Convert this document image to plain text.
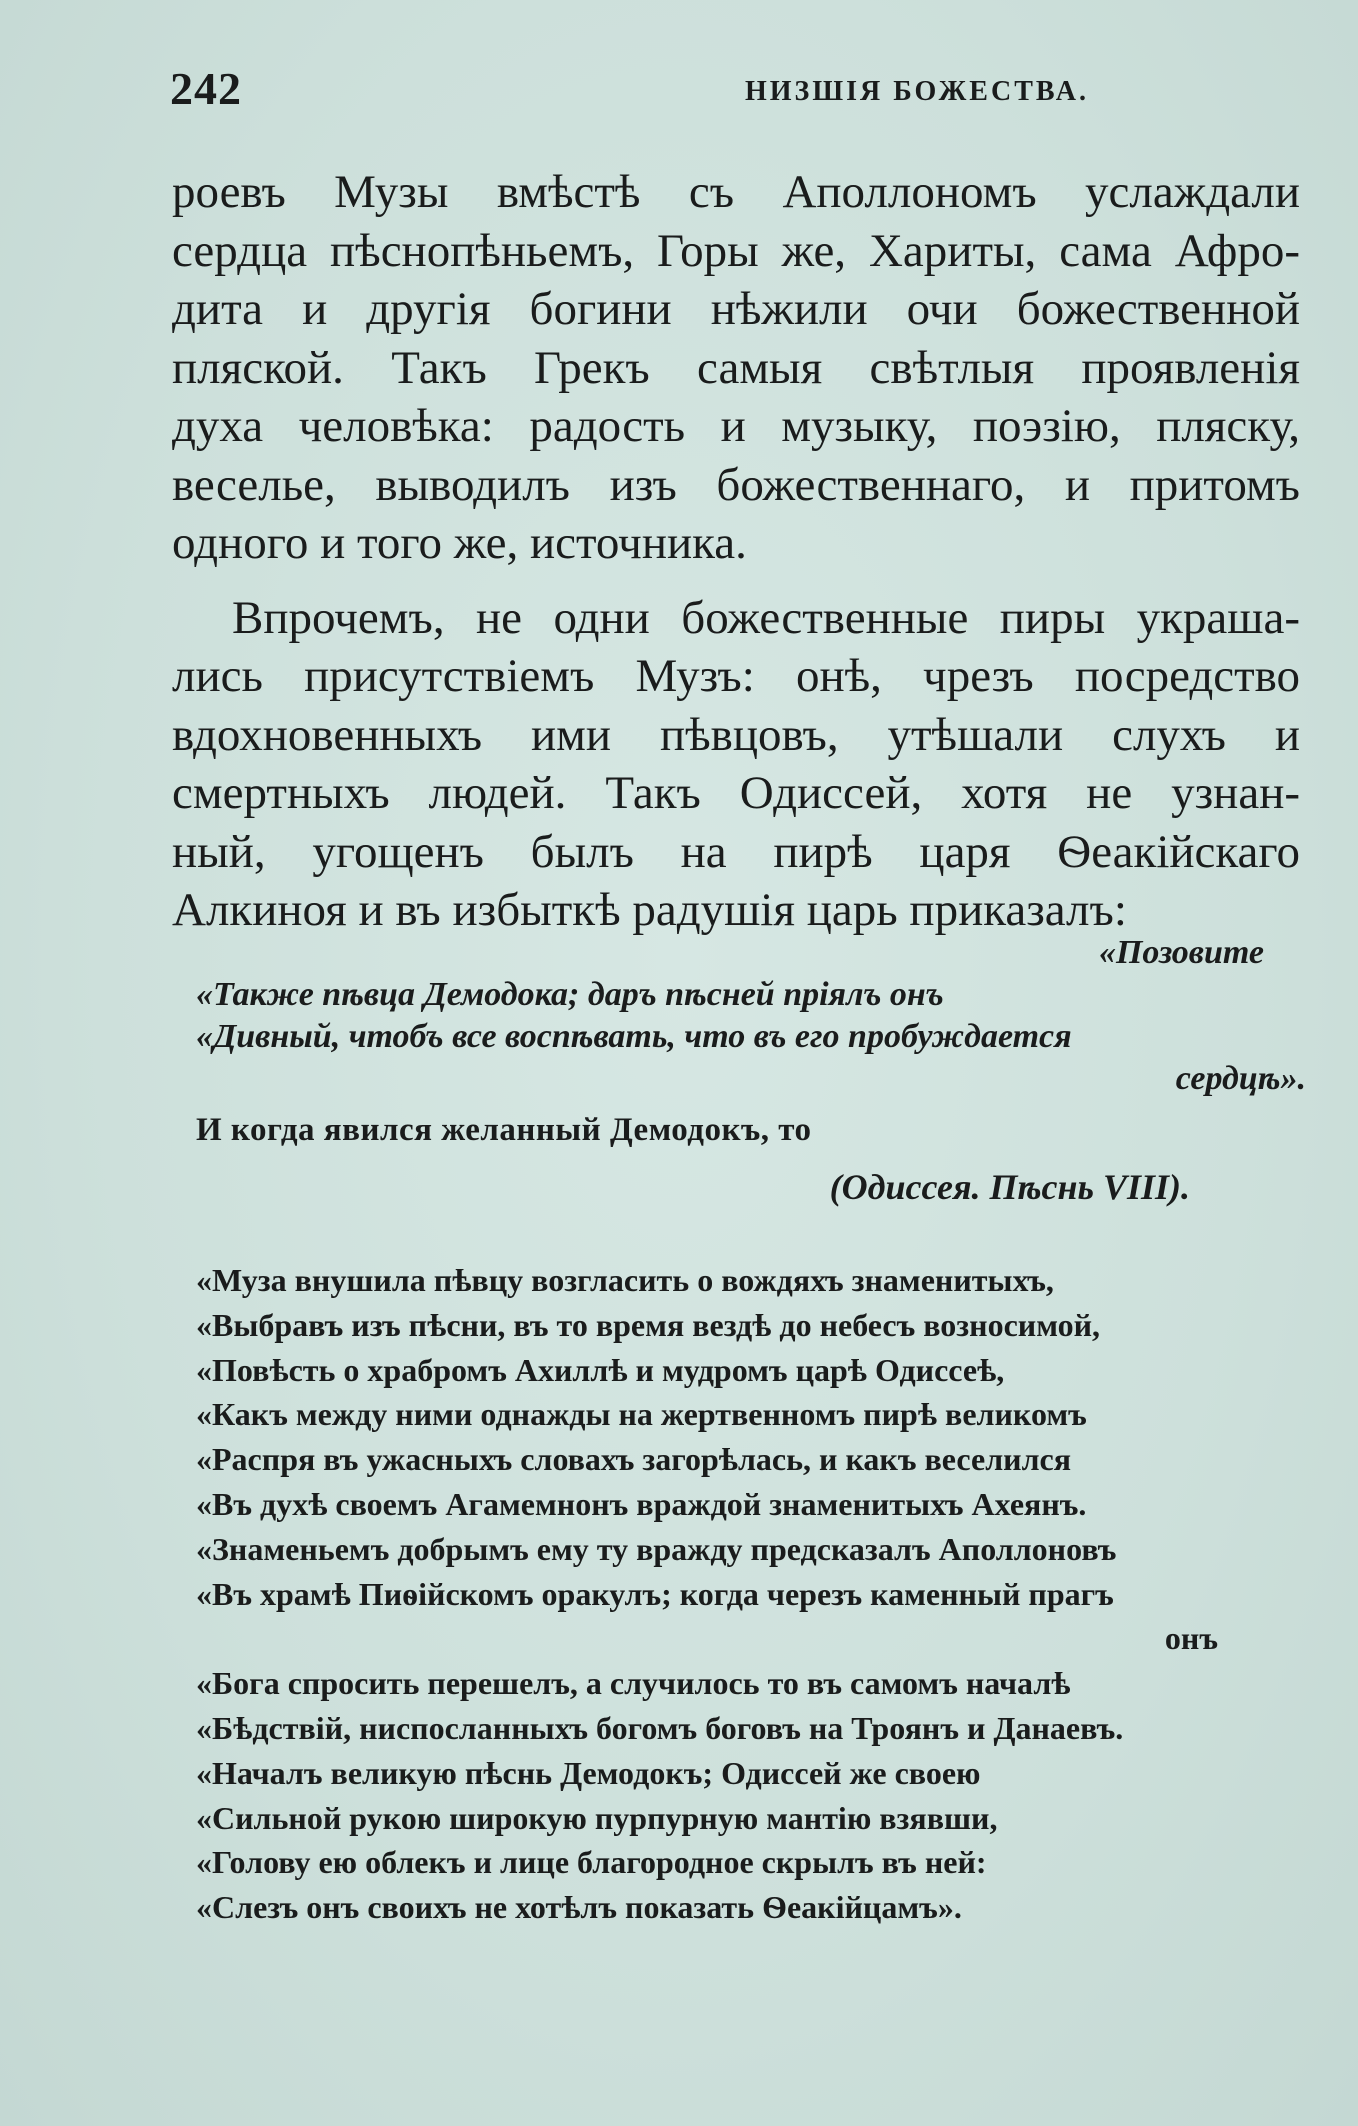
242	НИЗШІЯ БОЖЕСТВА.
роевъ Музы вмѣстѣ съ Аполлономъ услаждали
сердца пѣснопѣньемъ, Горы же, Хариты, сама Афро-
дита и другія богини нѣжили очи божественной
пляской. Такъ Грекъ самыя свѣтлыя проявленія
духа человѣка: радость и музыку, поэзію, пляску,
веселье, выводилъ изъ божественнаго, и притомъ
одного и того же, источника.
Впрочемъ, не одни божественные пиры украша-
лись присутствіемъ Музъ: онѣ, чрезъ посредство
вдохновенныхъ ими пѣвцовъ, утѣшали слухъ и
смертныхъ людей. Такъ Одиссей, хотя не узнан-
ный, угощенъ былъ на пирѣ царя Ѳеакійскаго
Алкиноя и въ избыткѣ радушія царь приказалъ:
«Позовите
«Также пѣвца Демодока; даръ пѣсней пріялъ онъ
«Дивный, чтобъ все воспѣвать, что въ его пробуждается
сердцѣ».
И когда явился желанный Демодокъ, то
(Одиссея. Пѣснь VIII).
«Муза внушила пѣвцу возгласить о вождяхъ знаменитыхъ,
«Выбравъ изъ пѣсни, въ то время вездѣ до небесъ возносимой,
«Повѣсть о храбромъ Ахиллѣ и мудромъ царѣ Одиссеѣ,
«Какъ между ними однажды на жертвенномъ пирѣ великомъ
«Распря въ ужасныхъ словахъ загорѣлась, и какъ веселился
«Въ духѣ своемъ Агамемнонъ враждой знаменитыхъ Ахеянъ.
«Знаменьемъ добрымъ ему ту вражду предсказалъ Аполлоновъ
«Въ храмѣ Пиѳійскомъ оракулъ; когда черезъ каменный прагъ
онъ
«Бога спросить перешелъ, а случилось то въ самомъ началѣ
«Бѣдствій, ниспосланныхъ богомъ боговъ на Троянъ и Данаевъ.
«Началъ великую пѣснь Демодокъ; Одиссей же своею
«Сильной рукою широкую пурпурную мантію взявши,
«Голову ею облекъ и лице благородное скрылъ въ ней:
«Слезъ онъ своихъ не хотѣлъ показать Ѳеакійцамъ».
